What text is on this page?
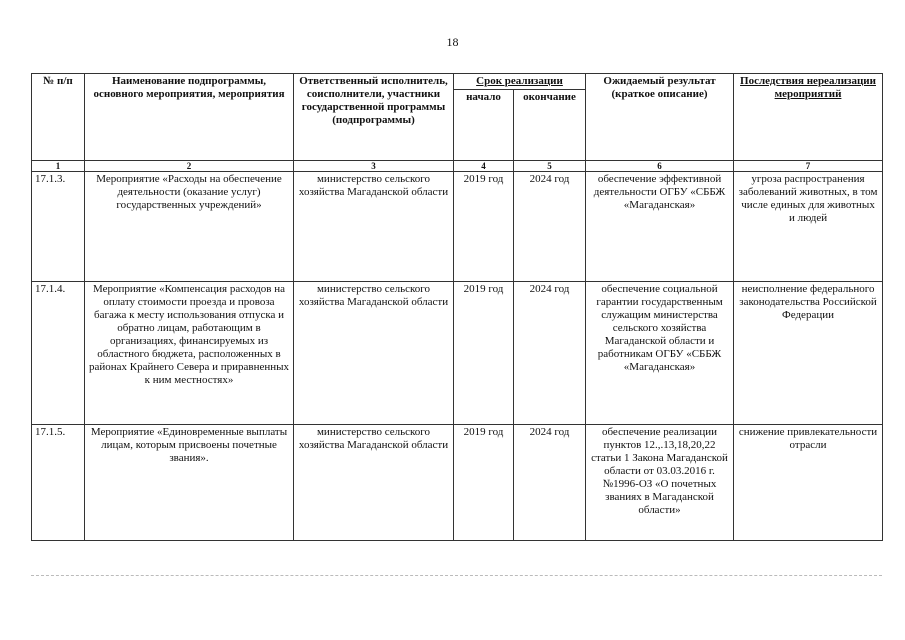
18
№ п/п	Наименование подпрограммы, основного мероприятия, мероприятия	Ответственный исполнитель, соисполнители, участники государственной программы (подпрограммы)	Срок реализации		Ожидаемый результат (краткое описание)	Последствия нереализации мероприятий
			начало	окончание		
1	2	3	4	5	6	7
17.1.3.	Мероприятие «Расходы на обеспечение деятельности (оказание услуг) государственных учреждений»	министерство сельского хозяйства Магаданской области	2019 год	2024 год	обеспечение эффективной деятельности ОГБУ «СББЖ «Магаданская»	угроза распространения заболеваний животных, в том числе единых для животных и людей
17.1.4.	Мероприятие «Компенсация расходов на оплату стоимости проезда и провоза багажа к месту использования отпуска и обратно лицам, работающим в организациях, финансируемых из областного бюджета, расположенных в районах Крайнего Севера и приравненных к ним местностях»	министерство сельского хозяйства Магаданской области	2019 год	2024 год	обеспечение социальной гарантии государственным служащим министерства сельского хозяйства Магаданской области и работникам ОГБУ «СББЖ «Магаданская»	неисполнение федерального законодательства Российской Федерации
17.1.5.	Мероприятие «Единовременные выплаты лицам, которым присвоены почетные звания».	министерство сельского хозяйства Магаданской области	2019 год	2024 год	обеспечение реализации пунктов 12.,.13,18,20,22 статьи 1 Закона Магаданской области от 03.03.2016 г. №1996-ОЗ «О почетных званиях в Магаданской области»	снижение привлекательности отрасли
